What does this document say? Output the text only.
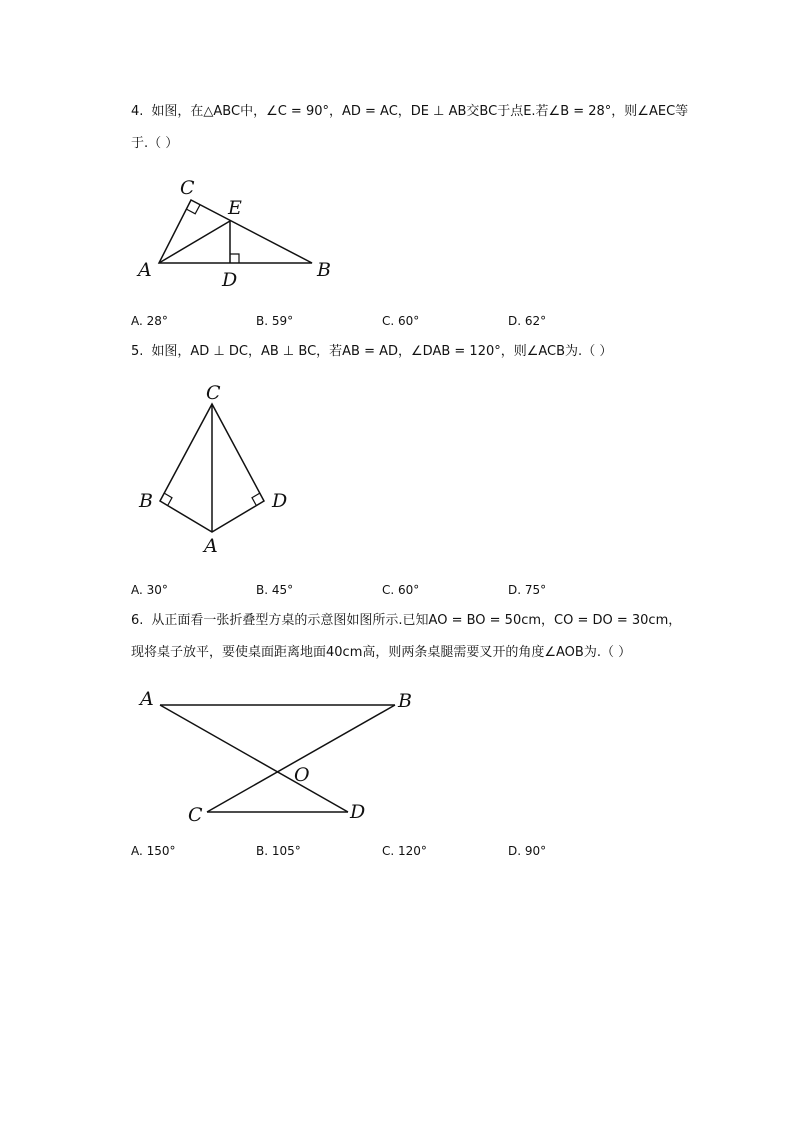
4. 如图，在△ABC中，∠C = 90°，AD = AC，DE ⊥ AB交BC于点E.若∠B = 28°，则∠AEC等
于.（ ）
C
E
A	D	B
A. 28°	B. 59°	C. 60°	D. 62°
5. 如图，AD ⊥ DC，AB ⊥ BC，若AB = AD，∠DAB = 120°，则∠ACB为.（ ）
C
B	D
A
A. 30°	B. 45°	C. 60°	D. 75°
6. 从正面看一张折叠型方桌的示意图如图所示.已知AO = BO = 50cm，CO = DO = 30cm，
现将桌子放平，要使桌面距离地面40cm高，则两条桌腿需要叉开的角度∠AOB为.（ ）
A	B
O
C	D
A. 150°	B. 105°	C. 120°	D. 90°
